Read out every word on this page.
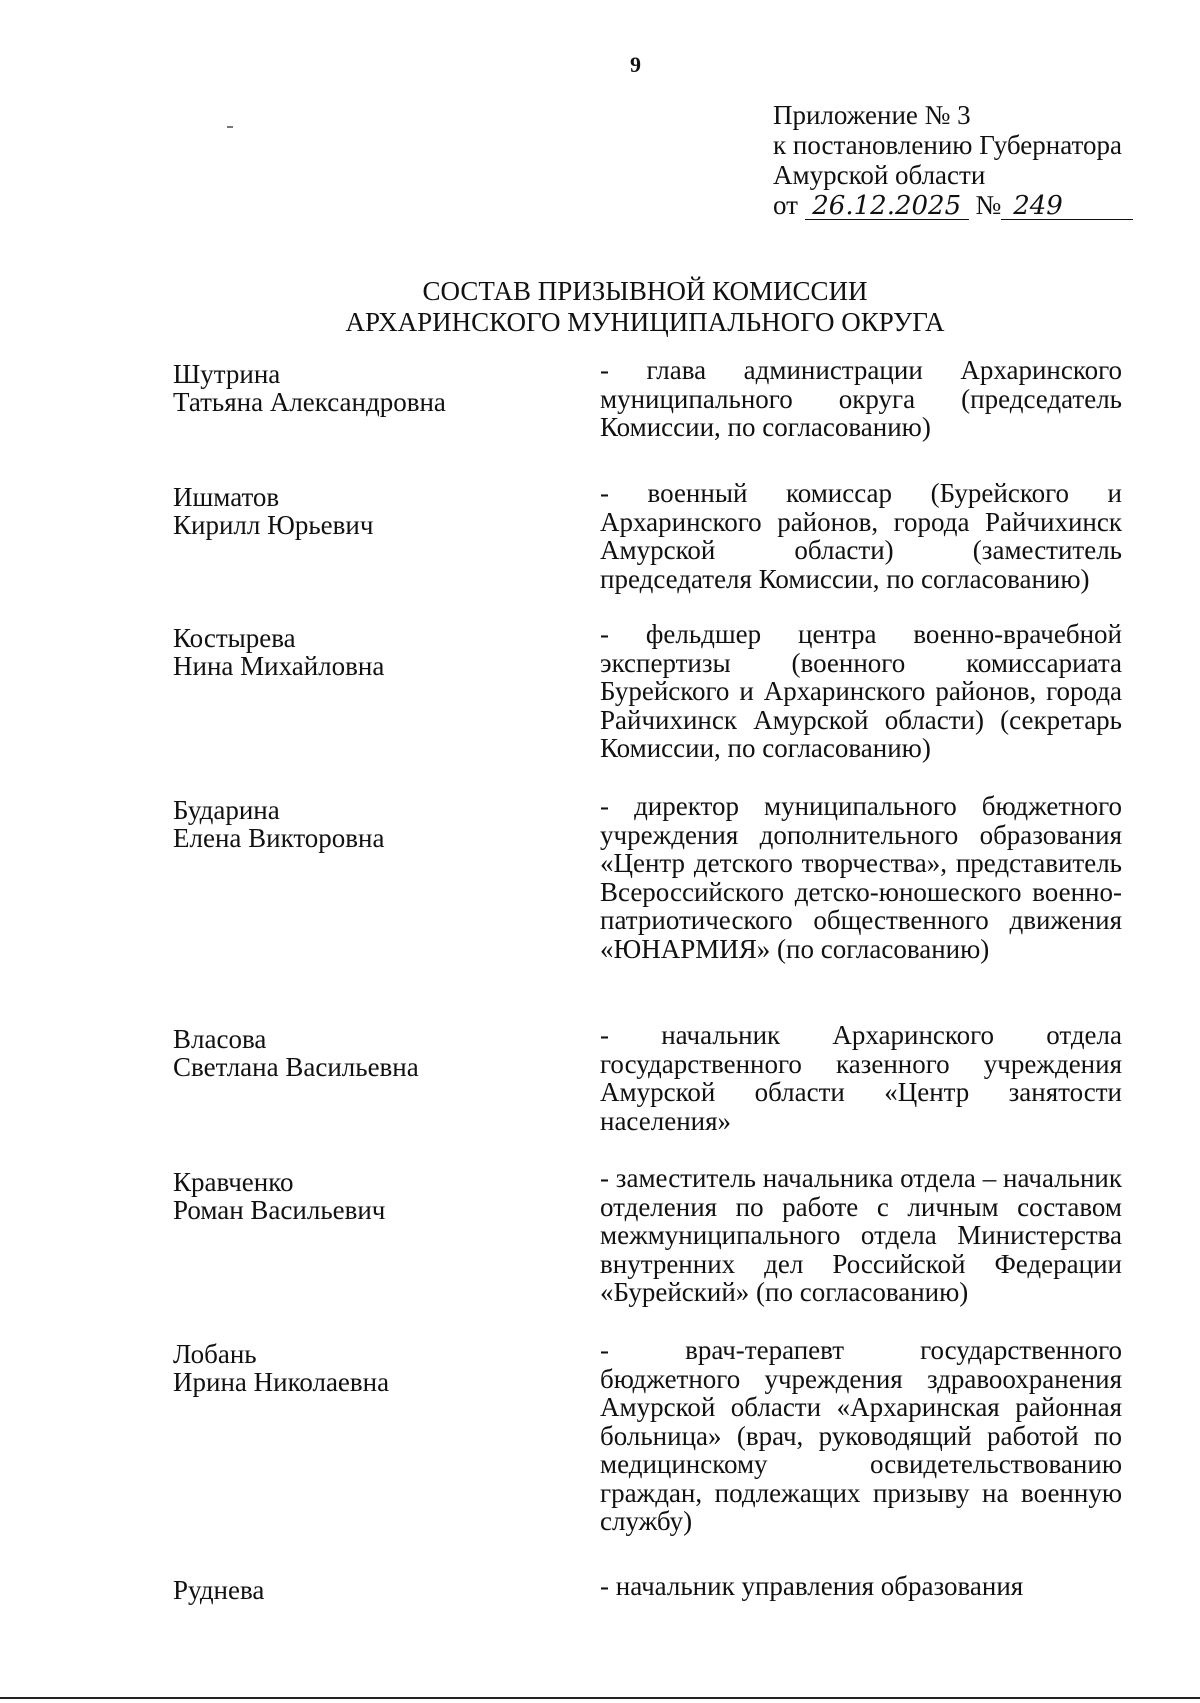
9
Приложение № 3
к постановлению Губернатора
Амурской области
от 26.12.2025 № 249
СОСТАВ ПРИЗЫВНОЙ КОМИССИИ
АРХАРИНСКОГО МУНИЦИПАЛЬНОГО ОКРУГА
Шутрина
Татьяна Александровна
- глава администрации Архаринского муниципального округа (председатель Комиссии, по согласованию)
Ишматов
Кирилл Юрьевич
- военный комиссар (Бурейского и Архаринского районов, города Райчихинск Амурской области) (заместитель председателя Комиссии, по согласованию)
Костырева
Нина Михайловна
- фельдшер центра военно-врачебной экспертизы (военного комиссариата Бурейского и Архаринского районов, города Райчихинск Амурской области) (секретарь Комиссии, по согласованию)
Бударина
Елена Викторовна
- директор муниципального бюджетного учреждения дополнительного образования «Центр детского творчества», представитель Всероссийского детско-юношеского военно-патриотического общественного движения «ЮНАРМИЯ» (по согласованию)
Власова
Светлана Васильевна
- начальник Архаринского отдела государственного казенного учреждения Амурской области «Центр занятости населения»
Кравченко
Роман Васильевич
- заместитель начальника отдела – начальник отделения по работе с личным составом межмуниципального отдела Министерства внутренних дел Российской Федерации «Бурейский» (по согласованию)
Лобань
Ирина Николаевна
- врач-терапевт государственного бюджетного учреждения здравоохранения Амурской области «Архаринская районная больница» (врач, руководящий работой по медицинскому освидетельствованию граждан, подлежащих призыву на военную службу)
Руднева	- начальник управления образования
